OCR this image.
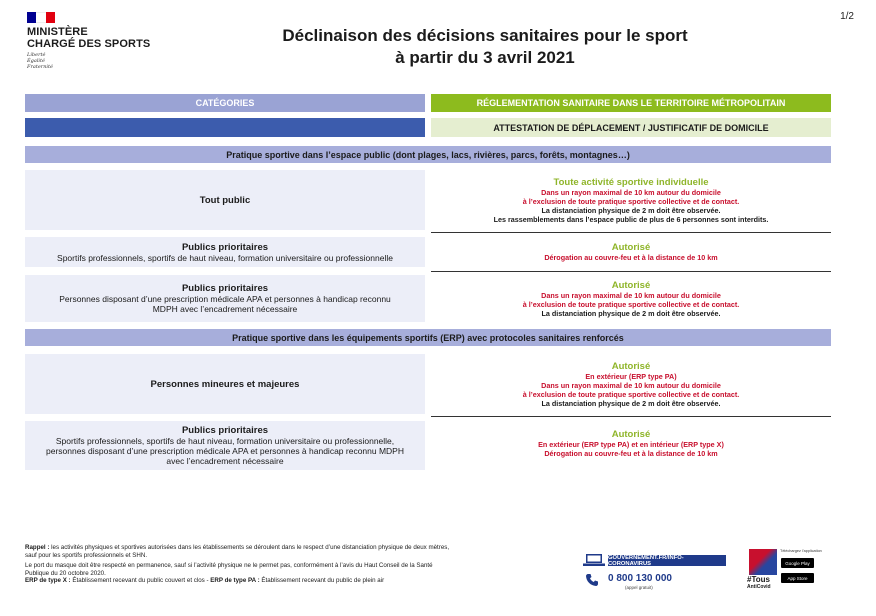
MINISTÈRE
CHARGÉ DES SPORTS
Liberté
Égalité
Fraternité
1/2
Déclinaison des décisions sanitaires pour le sport
à partir du 3 avril 2021
CATÉGORIES	RÉGLEMENTATION SANITAIRE DANS LE TERRITOIRE MÉTROPOLITAIN
ATTESTATION DE DÉPLACEMENT / JUSTIFICATIF DE DOMICILE
Pratique sportive dans l’espace public (dont plages, lacs, rivières, parcs, forêts, montagnes…)
Tout public
Toute activité sportive individuelle
Dans un rayon maximal de 10 km autour du domicile
à l’exclusion de toute pratique sportive collective et de contact.
La distanciation physique de 2 m doit être observée.
Les rassemblements dans l’espace public de plus de 6 personnes sont interdits.
Publics prioritaires
Sportifs professionnels, sportifs de haut niveau, formation universitaire ou professionnelle
Autorisé
Dérogation au couvre-feu et à la distance de 10 km
Publics prioritaires
Personnes disposant d’une prescription médicale APA et personnes à handicap reconnu
MDPH avec l’encadrement nécessaire
Autorisé
Dans un rayon maximal de 10 km autour du domicile
à l’exclusion de toute pratique sportive collective et de contact.
La distanciation physique de 2 m doit être observée.
Pratique sportive dans les équipements sportifs (ERP) avec protocoles sanitaires renforcés
Personnes mineures et majeures
Autorisé
En extérieur (ERP type PA)
Dans un rayon maximal de 10 km autour du domicile
à l’exclusion de toute pratique sportive collective et de contact.
La distanciation physique de 2 m doit être observée.
Publics prioritaires
Sportifs professionnels, sportifs de haut niveau, formation universitaire ou professionnelle,
personnes disposant d’une prescription médicale APA et personnes à handicap reconnu MDPH
avec l’encadrement nécessaire
Autorisé
En extérieur (ERP type PA) et en intérieur (ERP type X)
Dérogation au couvre-feu et à la distance de 10 km
Rappel : les activités physiques et sportives autorisées dans les établissements se déroulent dans le respect d’une distanciation physique de deux mètres,
sauf pour les sportifs professionnels et SHN.
Le port du masque doit être respecté en permanence, sauf si l’activité physique ne le permet pas, conformément à l’avis du Haut Conseil de la Santé
Publique du 20 octobre 2020.
ERP de type X : Établissement recevant du public couvert et clos - ERP de type PA : Établissement recevant du public de plein air
GOUVERNEMENT.FR/INFO-CORONAVIRUS
0 800 130 000
(appel gratuit)
#Tous
AntiCovid
Téléchargez l’application
Google Play
App Store
